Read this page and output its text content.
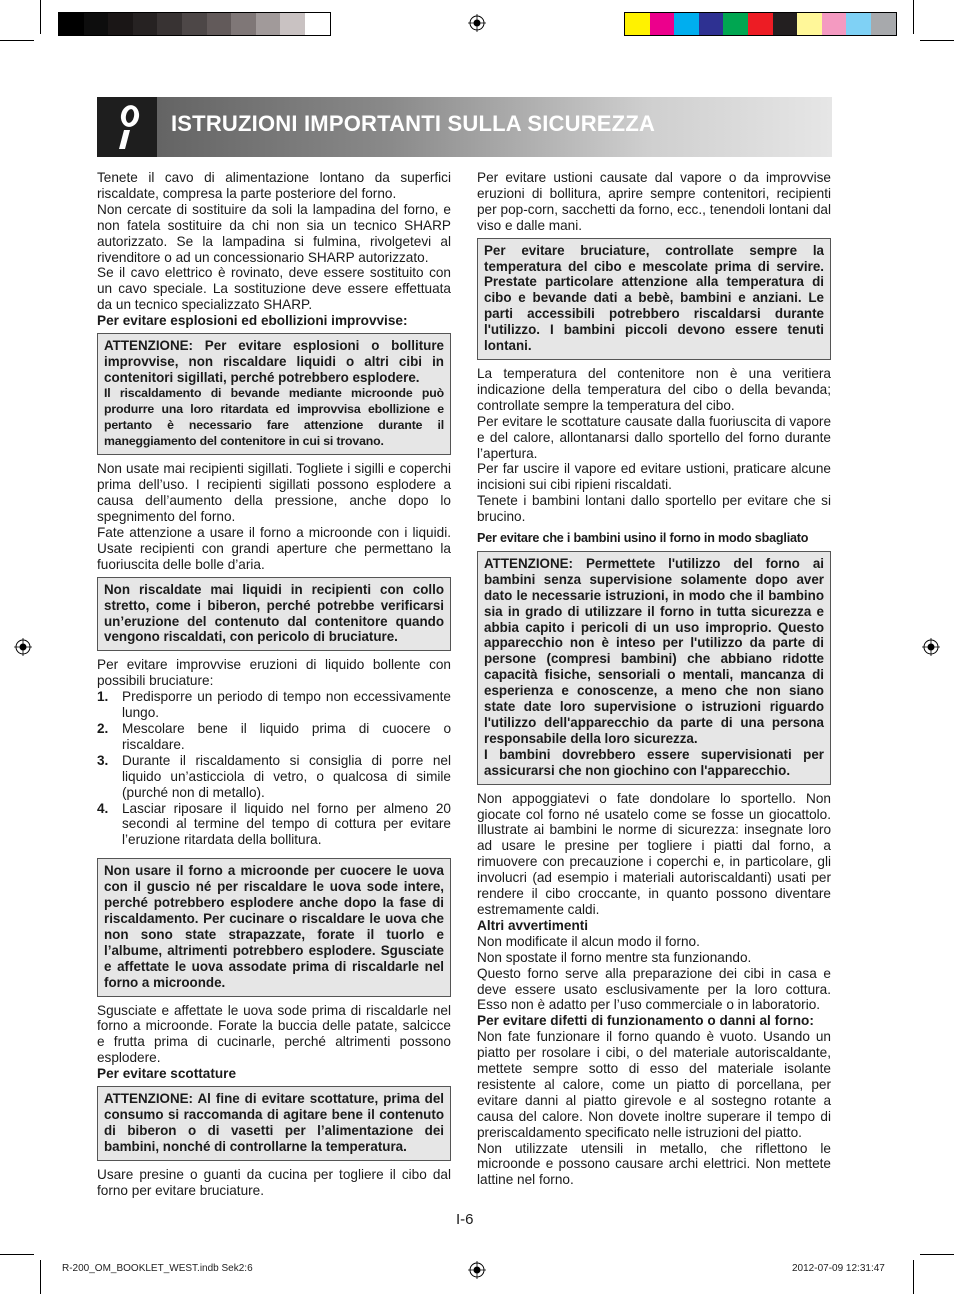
ISTRUZIONI IMPORTANTI SULLA SICUREZZA

Tenete il cavo di alimentazione lontano da superfici riscaldate, compresa la parte posteriore del forno.

Non cercate di sostituire da soli la lampadina del forno, e non fatela sostituire da chi non sia un tecnico SHARP autorizzato. Se la lampadina si fulmina, rivolgetevi al rivenditore o ad un concessionario SHARP autorizzato.

Se il cavo elettrico è rovinato, deve essere sostituito con un cavo speciale. La sostituzione deve essere effettuata da un tecnico specializzato SHARP.

Per evitare esplosioni ed ebollizioni improvvise:

ATTENZIONE: Per evitare esplosioni o bolliture improvvise, non riscaldare liquidi o altri cibi in contenitori sigillati, perché potrebbero esplodere.

Il riscaldamento di bevande mediante microonde può produrre una loro ritardata ed improvvisa ebollizione e pertanto è necessario fare attenzione durante il maneggiamento del contenitore in cui si trovano.

Non usate mai recipienti sigillati. Togliete i sigilli e coperchi prima dell’uso. I recipienti sigillati possono esplodere a causa dell’aumento della pressione, anche dopo lo spegnimento del forno.

Fate attenzione a usare il forno a microonde con i liquidi. Usate recipienti con grandi aperture che permettano la fuoriuscita delle bolle d’aria.

Non riscaldate mai liquidi in recipienti con collo stretto, come i biberon, perché potrebbe verificarsi un’eruzione del contenuto dal contenitore quando vengono riscaldati, con pericolo di bruciature.

Per evitare improvvise eruzioni di liquido bollente con possibili bruciature:

1. Predisporre un periodo di tempo non eccessivamente lungo.
2. Mescolare bene il liquido prima di cuocere o riscaldare.
3. Durante il riscaldamento si consiglia di porre nel liquido un’asticciola di vetro, o qualcosa di simile (purché non di metallo).
4. Lasciar riposare il liquido nel forno per almeno 20 secondi al termine del tempo di cottura per evitare l’eruzione ritardata della bollitura.

Non usare il forno a microonde per cuocere le uova con il guscio né per riscaldare le uova sode intere, perché potrebbero esplodere anche dopo la fase di riscaldamento. Per cucinare o riscaldare le uova che non sono state strapazzate, forate il tuorlo e l’albume, altrimenti potrebbero esplodere. Sgusciate e affettate le uova assodate prima di riscaldarle nel forno a microonde.

Sgusciate e affettate le uova sode prima di riscaldarle nel forno a microonde. Forate la buccia delle patate, salcicce e frutta prima di cucinarle, perché altrimenti possono esplodere.

Per evitare scottature

ATTENZIONE: Al fine di evitare scottature, prima del consumo si raccomanda di agitare bene il contenuto di biberon o di vasetti per l’alimentazione dei bambini, nonché di controllarne la temperatura.

Usare presine o guanti da cucina per togliere il cibo dal forno per evitare bruciature.

Per evitare ustioni causate dal vapore o da improvvise eruzioni di bollitura, aprire sempre contenitori, recipienti per pop-corn, sacchetti da forno, ecc., tenendoli lontani dal viso e dalle mani.

Per evitare bruciature, controllate sempre la temperatura del cibo e mescolate prima di servire. Prestate particolare attenzione alla temperatura di cibo e bevande dati a bebè, bambini e anziani. Le parti accessibili potrebbero riscaldarsi durante l'utilizzo. I bambini piccoli devono essere tenuti lontani.

La temperatura del contenitore non è una veritiera indicazione della temperatura del cibo o della bevanda; controllate sempre la temperatura del cibo.

Per evitare le scottature causate dalla fuoriuscita di vapore e del calore, allontanarsi dallo sportello del forno durante l’apertura.

Per far uscire il vapore ed evitare ustioni, praticare alcune incisioni sui cibi ripieni riscaldati.

Tenete i bambini lontani dallo sportello per evitare che si brucino.

Per evitare che i bambini usino il forno in modo sbagliato

ATTENZIONE: Permettete l'utilizzo del forno ai bambini senza supervisione solamente dopo aver dato le necessarie istruzioni, in modo che il bambino sia in grado di utilizzare il forno in tutta sicurezza e abbia capito i pericoli di un uso improprio. Questo apparecchio non è inteso per l'utilizzo da parte di persone (compresi bambini) che abbiano ridotte capacità fisiche, sensoriali o mentali, mancanza di esperienza e conoscenze, a meno che non siano state date loro supervisione o istruzioni riguardo l'utilizzo dell'apparecchio da parte di una persona responsabile della loro sicurezza.

I bambini dovrebbero essere supervisionati per assicurarsi che non giochino con l'apparecchio.

Non appoggiatevi o fate dondolare lo sportello. Non giocate col forno né usatelo come se fosse un giocattolo. Illustrate ai bambini le norme di sicurezza: insegnate loro ad usare le presine per togliere i piatti dal forno, a rimuovere con precauzione i coperchi e, in particolare, gli involucri (ad esempio i materiali autoriscaldanti) usati per rendere il cibo croccante, in quanto possono diventare estremamente caldi.

Altri avvertimenti

Non modificate il alcun modo il forno.

Non spostate il forno mentre sta funzionando.

Questo forno serve alla preparazione dei cibi in casa e deve essere usato esclusivamente per la loro cottura. Esso non è adatto per l’uso commerciale o in laboratorio.

Per evitare difetti di funzionamento o danni al forno:

Non fate funzionare il forno quando è vuoto. Usando un piatto per rosolare i cibi, o del materiale autoriscaldante, mettete sempre sotto di esso del materiale isolante resistente al calore, come un piatto di porcellana, per evitare danni al piatto girevole e al sostegno rotante a causa del calore. Non dovete inoltre superare il tempo di preriscaldamento specificato nelle istruzioni del piatto.

Non utilizzate utensili in metallo, che riflettono le microonde e possono causare archi elettrici. Non mettete lattine nel forno.

I-6
R-200_OM_BOOKLET_WEST.indb Sek2:6	2012-07-09 12:31:47
